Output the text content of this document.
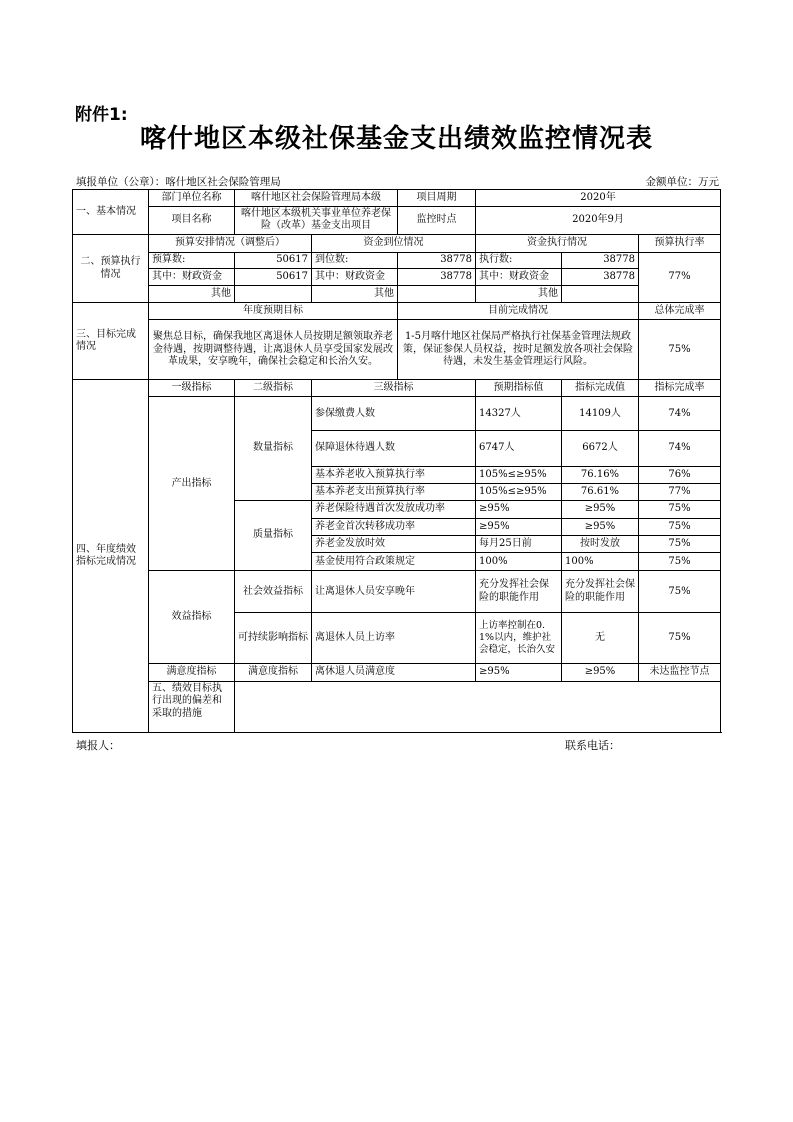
附件1:
喀什地区本级社保基金支出绩效监控情况表
填报单位（公章）：喀什地区社会保险管理局	金额单位：万元
一、基本情况	部门单位名称	喀什地区社会保险管理局本级		项目周期	2020年		
	项目名称	喀什地区本级机关事业单位养老保险（改革）基金支出项目		监控时点	2020年9月		
二、预算执行情况	预算安排情况（调整后）		资金到位情况		资金执行情况		预算执行率
	预算数:	50617	到位数:	38778	执行数:	38778	77%
	其中：财政资金	50617	其中：财政资金	38778	其中：财政资金	38778	
	其他		其他		其他		
三、目标完成情况	年度预期目标			目前完成情况			总体完成率
	聚焦总目标，确保我地区离退休人员按期足额领取养老金待遇，按期调整待遇，让离退休人员享受国家发展改革成果，安享晚年，确保社会稳定和长治久安。			1-5月喀什地区社保局严格执行社保基金管理法规政策，保证参保人员权益，按时足额发放各项社会保险待遇，未发生基金管理运行风险。			75%
四、年度绩效指标完成情况	一级指标	二级指标	三级指标		预期指标值	指标完成值	指标完成率
	产出指标	数量指标	参保缴费人数		14327人	14109人	74%
			保障退休待遇人数		6747人	6672人	74%
			基本养老收入预算执行率		105%≤≥95%	76.16%	76%
			基本养老支出预算执行率		105%≤≥95%	76.61%	77%
		质量指标	养老保险待遇首次发放成功率		≥95%	≥95%	75%
			养老金首次转移成功率		≥95%	≥95%	75%
			养老金发放时效		每月25日前	按时发放	75%
			基金使用符合政策规定		100%	100%	75%
	效益指标	社会效益指标	让离退休人员安享晚年		充分发挥社会保险的职能作用	充分发挥社会保险的职能作用	75%
		可持续影响指标	离退休人员上访率		上访率控制在0.1%以内，维护社会稳定，长治久安	无	75%
	满意度指标	满意度指标	离休退人员满意度		≥95%	≥95%	未达监控节点
	五、绩效目标执行出现的偏差和采取的措施						
填报人：	联系电话：
